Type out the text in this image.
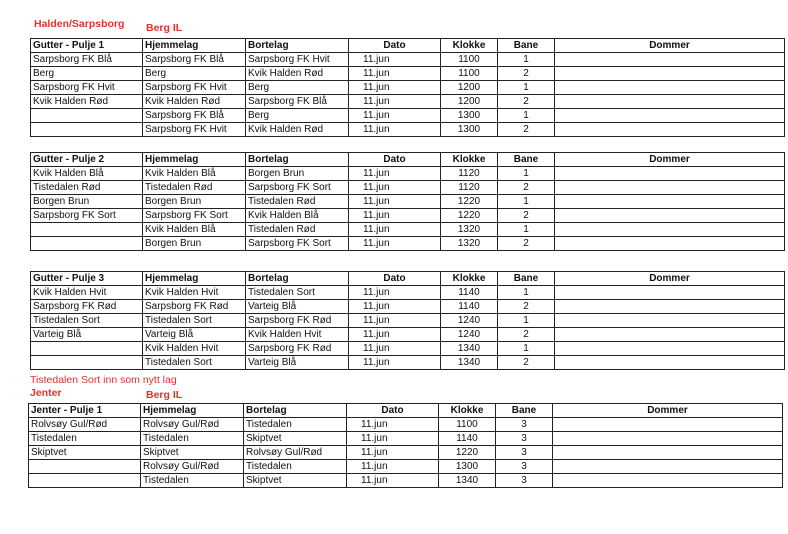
Halden/Sarpsborg Berg IL
Gutter - Pulje 1	Hjemmelag	Bortelag	Dato	Klokke	Bane	Dommer
Sarpsborg FK Blå	Sarpsborg FK Blå	Sarpsborg FK Hvit	11.jun	1100	1	
Berg	Berg	Kvik Halden Rød	11.jun	1100	2	
Sarpsborg FK Hvit	Sarpsborg FK Hvit	Berg	11.jun	1200	1	
Kvik Halden Rød	Kvik Halden Rød	Sarpsborg FK Blå	11.jun	1200	2	
	Sarpsborg FK Blå	Berg	11.jun	1300	1	
	Sarpsborg FK Hvit	Kvik Halden Rød	11.jun	1300	2	
Gutter - Pulje 2	Hjemmelag	Bortelag	Dato	Klokke	Bane	Dommer
Kvik Halden Blå	Kvik Halden Blå	Borgen Brun	11.jun	1120	1	
Tistedalen Rød	Tistedalen Rød	Sarpsborg FK Sort	11.jun	1120	2	
Borgen Brun	Borgen Brun	Tistedalen Rød	11.jun	1220	1	
Sarpsborg FK Sort	Sarpsborg FK Sort	Kvik Halden Blå	11.jun	1220	2	
	Kvik Halden Blå	Tistedalen Rød	11.jun	1320	1	
	Borgen Brun	Sarpsborg FK Sort	11.jun	1320	2	
Gutter - Pulje 3	Hjemmelag	Bortelag	Dato	Klokke	Bane	Dommer
Kvik Halden Hvit	Kvik Halden Hvit	Tistedalen Sort	11.jun	1140	1	
Sarpsborg FK Rød	Sarpsborg FK Rød	Varteig Blå	11.jun	1140	2	
Tistedalen Sort	Tistedalen Sort	Sarpsborg FK Rød	11.jun	1240	1	
Varteig Blå	Varteig Blå	Kvik Halden Hvit	11.jun	1240	2	
	Kvik Halden Hvit	Sarpsborg FK Rød	11.jun	1340	1	
	Tistedalen Sort	Varteig Blå	11.jun	1340	2	
Jenter - Pulje 1	Hjemmelag	Bortelag	Dato	Klokke	Bane	Dommer
Rolvsøy Gul/Rød	Rolvsøy Gul/Rød	Tistedalen	11.jun	1100	3	
Tistedalen	Tistedalen	Skiptvet	11.jun	1140	3	
Skiptvet	Skiptvet	Rolvsøy Gul/Rød	11.jun	1220	3	
	Rolvsøy Gul/Rød	Tistedalen	11.jun	1300	3	
	Tistedalen	Skiptvet	11.jun	1340	3	
Tistedalen Sort inn som nytt lag
Jenter	Berg IL
